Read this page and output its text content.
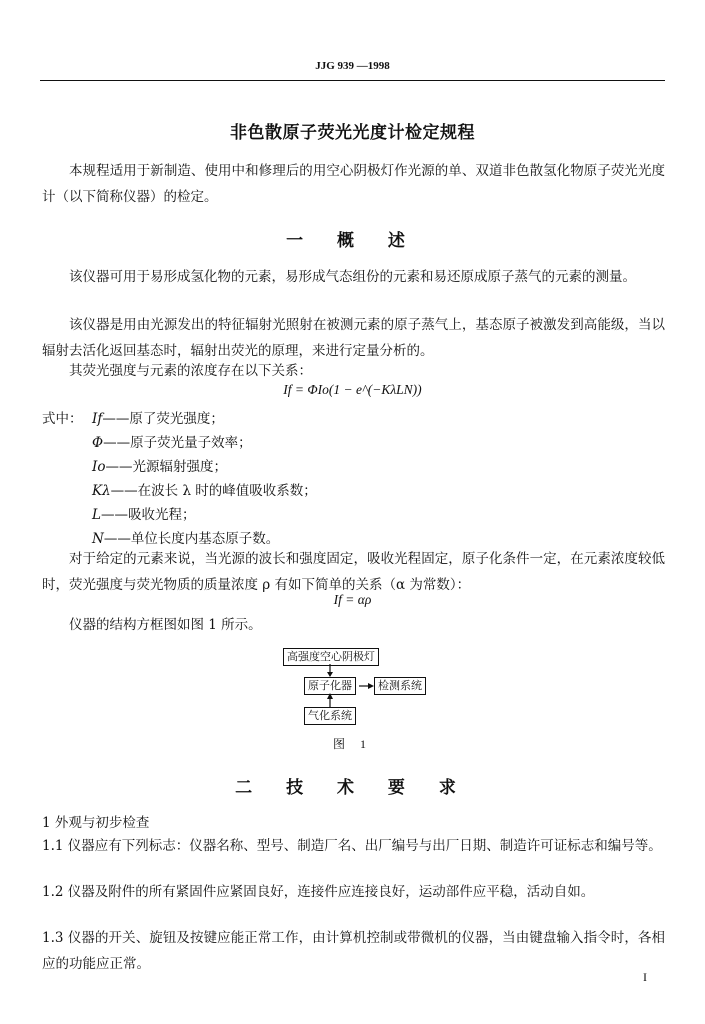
JJG 939 —1998
非色散原子荧光光度计检定规程
本规程适用于新制造、使用中和修理后的用空心阴极灯作光源的单、双道非色散氢化物原子荧光光度计（以下简称仪器）的检定。
一 概 述
该仪器可用于易形成氢化物的元素，易形成气态组份的元素和易还原成原子蒸气的元素的测量。
该仪器是用由光源发出的特征辐射光照射在被测元素的原子蒸气上，基态原子被激发到高能级，当以辐射去活化返回基态时，辐射出荧光的原理，来进行定量分析的。
其荧光强度与元素的浓度存在以下关系：
If = ΦIo(1 − e^(−KλLN))
式中： If——原了荧光强度；
Φ——原子荧光量子效率；
Io——光源辐射强度；
Kλ——在波长 λ 时的峰值吸收系数；
L——吸收光程；
N——单位长度内基态原子数。
对于给定的元素来说，当光源的波长和强度固定，吸收光程固定，原子化条件一定，在元素浓度较低时，荧光强度与荧光物质的质量浓度 ρ 有如下简单的关系（α 为常数）：
If = αρ
仪器的结构方框图如图 1 所示。
高强度空心阴极灯
原子化器	检测系统
气化系统
图 1
二 技 术 要 求
1 外观与初步检查
1.1 仪器应有下列标志：仪器名称、型号、制造厂名、出厂编号与出厂日期、制造许可证标志和编号等。
1.2 仪器及附件的所有紧固件应紧固良好，连接件应连接良好，运动部件应平稳，活动自如。
1.3 仪器的开关、旋钮及按键应能正常工作，由计算机控制或带微机的仪器，当由键盘输入指令时，各相应的功能应正常。
I
